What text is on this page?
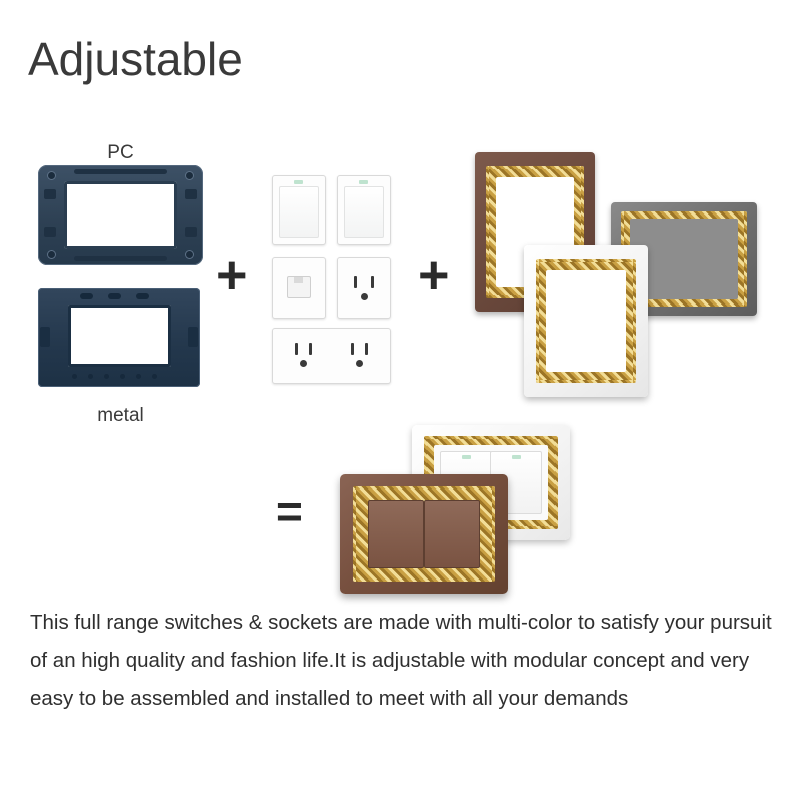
Adjustable
PC
metal
+	+
=
This full range switches & sockets are made with multi-color to satisfy your pursuit of an high quality and fashion life.It is adjustable with modular concept and very easy to be assembled and installed to meet with all your demands
